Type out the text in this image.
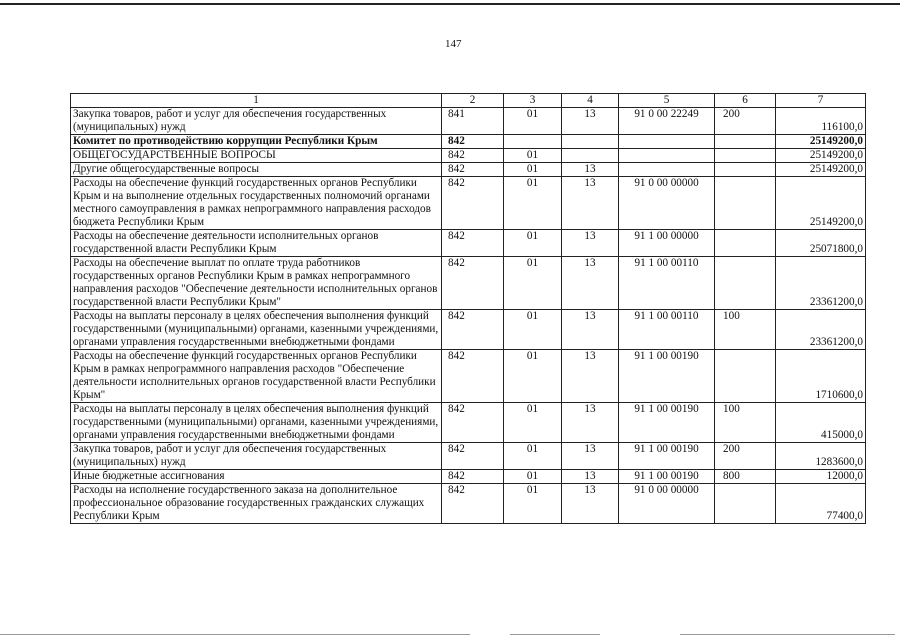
147
1	2	3	4	5	6	7
Закупка товаров, работ и услуг для обеспечения государственных (муниципальных) нужд	841	01	13	91 0 00 22249	200	116100,0
Комитет по противодействию коррупции Республики Крым	842					25149200,0
ОБЩЕГОСУДАРСТВЕННЫЕ ВОПРОСЫ	842	01				25149200,0
Другие общегосударственные вопросы	842	01	13			25149200,0
Расходы на обеспечение функций государственных органов Республики Крым и на выполнение отдельных государственных полномочий органами местного самоуправления в рамках непрограммного направления расходов бюджета Республики Крым	842	01	13	91 0 00 00000		25149200,0
Расходы на обеспечение деятельности исполнительных органов государственной власти Республики Крым	842	01	13	91 1 00 00000		25071800,0
Расходы на обеспечение выплат по оплате труда работников государственных органов Республики Крым в рамках непрограммного направления расходов "Обеспечение деятельности исполнительных органов государственной власти Республики Крым"	842	01	13	91 1 00 00110		23361200,0
Расходы на выплаты персоналу в целях обеспечения выполнения функций государственными (муниципальными) органами, казенными учреждениями, органами управления государственными внебюджетными фондами	842	01	13	91 1 00 00110	100	23361200,0
Расходы на обеспечение функций государственных органов Республики Крым в рамках непрограммного направления расходов "Обеспечение деятельности исполнительных органов государственной власти Республики Крым"	842	01	13	91 1 00 00190		1710600,0
Расходы на выплаты персоналу в целях обеспечения выполнения функций государственными (муниципальными) органами, казенными учреждениями, органами управления государственными внебюджетными фондами	842	01	13	91 1 00 00190	100	415000,0
Закупка товаров, работ и услуг для обеспечения государственных (муниципальных) нужд	842	01	13	91 1 00 00190	200	1283600,0
Иные бюджетные ассигнования	842	01	13	91 1 00 00190	800	12000,0
Расходы на исполнение государственного заказа на дополнительное профессиональное образование государственных гражданских служащих Республики Крым	842	01	13	91 0 00 00000		77400,0
